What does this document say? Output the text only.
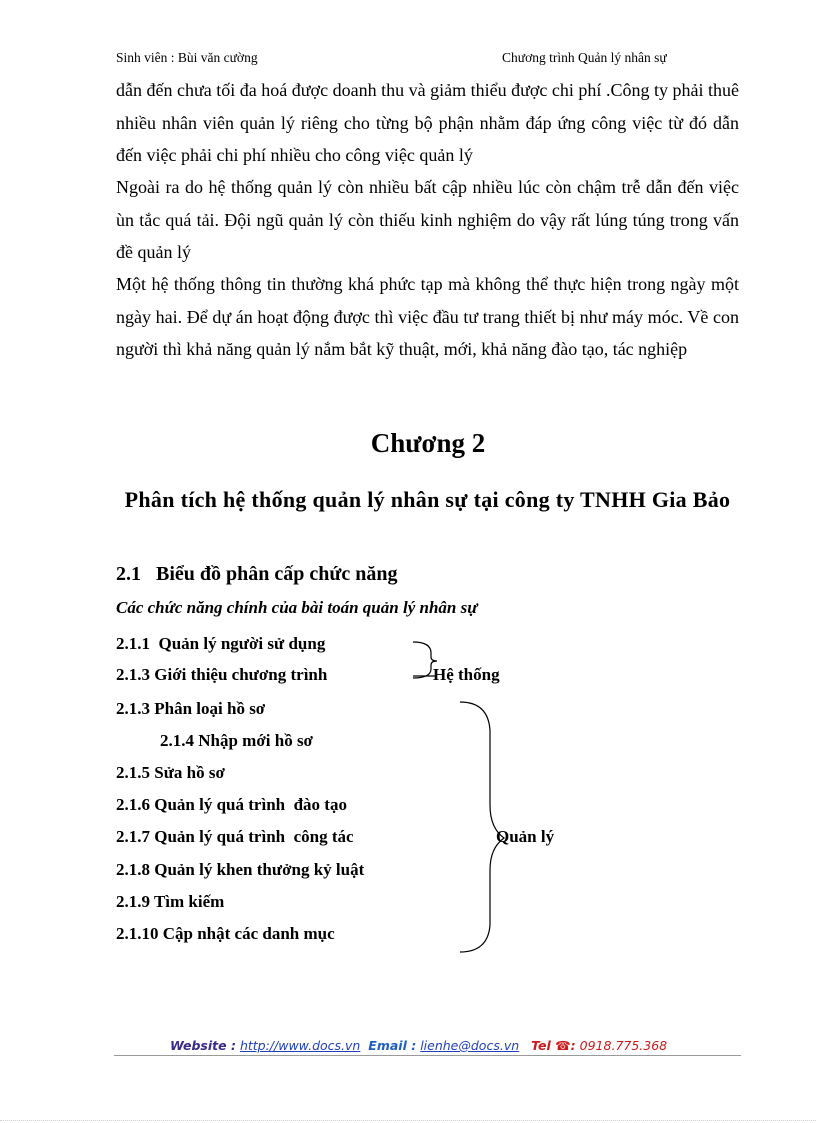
Sinh viên : Bùi văn cường	Chương trình Quản lý nhân sự

dẫn đến chưa tối đa hoá được doanh thu và giảm thiểu được chi phí .Công ty phải thuê nhiều nhân viên quản lý riêng cho từng bộ phận nhằm đáp ứng công việc từ đó dẫn đến việc phải chi phí nhiều cho công việc quản lý

Ngoài ra do hệ thống quản lý còn nhiều bất cập nhiều lúc còn chậm trễ dẫn đến việc ùn tắc quá tải. Đội ngũ quản lý còn thiếu kinh nghiệm do vậy rất lúng túng trong vấn đề quản lý

Một hệ thống thông tin thường khá phức tạp mà không thể thực hiện trong ngày một ngày hai. Để dự án hoạt động được thì việc đầu tư trang thiết bị như máy móc. Về con người thì khả năng quản lý nắm bắt kỹ thuật, mới, khả năng đào tạo, tác nghiệp

Chương 2
Phân tích hệ thống quản lý nhân sự tại công ty TNHH Gia Bảo
2.1 Biểu đồ phân cấp chức năng
Các chức năng chính của bài toán quản lý nhân sự
2.1.1  Quản lý người sử dụng
2.1.3 Giới thiệu chương trình
2.1.3 Phân loại hồ sơ
2.1.4 Nhập mới hồ sơ
2.1.5 Sửa hồ sơ
2.1.6 Quản lý quá trình  đào tạo
2.1.7 Quản lý quá trình  công tác
2.1.8 Quản lý khen thưởng kỷ luật
2.1.9 Tìm kiếm
2.1.10 Cập nhật các danh mục
Hệ thống
Quản lý
Website : http://www.docs.vn Email : lienhe@docs.vn Tel ☎: 0918.775.368
